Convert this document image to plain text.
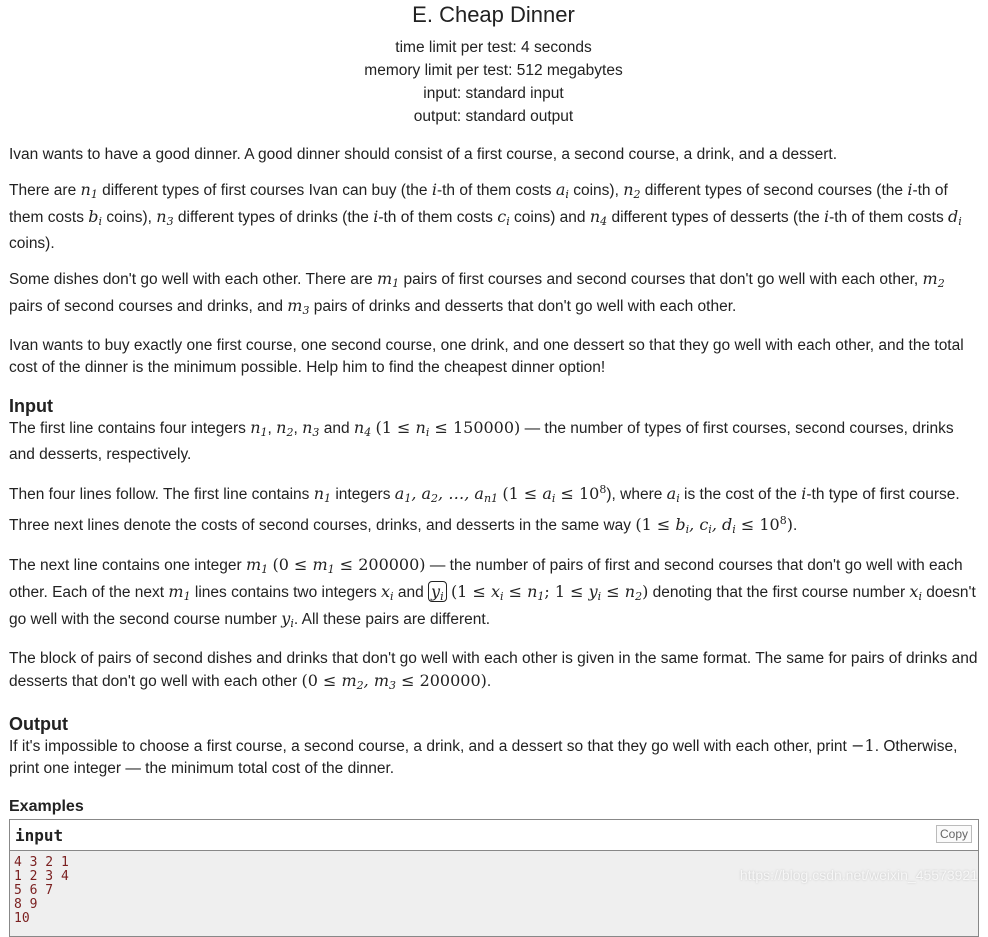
E. Cheap Dinner
time limit per test: 4 seconds
memory limit per test: 512 megabytes
input: standard input
output: standard output

Ivan wants to have a good dinner. A good dinner should consist of a first course, a second course, a drink, and a dessert.

There are $n_1$ different types of first courses Ivan can buy (the i-th of them costs $a_i$ coins), $n_2$ different types of second courses (the i-th of them costs $b_i$ coins), $n_3$ different types of drinks (the i-th of them costs $c_i$ coins) and $n_4$ different types of desserts (the i-th of them costs $d_i$ coins).

Some dishes don't go well with each other. There are $m_1$ pairs of first courses and second courses that don't go well with each other, $m_2$ pairs of second courses and drinks, and $m_3$ pairs of drinks and desserts that don't go well with each other.

Ivan wants to buy exactly one first course, one second course, one drink, and one dessert so that they go well with each other, and the total cost of the dinner is the minimum possible. Help him to find the cheapest dinner option!

Input

The first line contains four integers $n_1$, $n_2$, $n_3$ and $n_4$ $(1 \le n_i \le 150000)$ — the number of types of first courses, second courses, drinks and desserts, respectively.

Then four lines follow. The first line contains $n_1$ integers $a_1$, $a_2$, …, $a_{n1}$ $(1 \le a_i \le 10^8)$, where $a_i$ is the cost of the i-th type of first course. Three next lines denote the costs of second courses, drinks, and desserts in the same way ($1 \le b_i$, $c_i$, $d_i \le 10^8$).

The next line contains one integer $m_1$ $(0 \le m_1 \le 200000)$ — the number of pairs of first and second courses that don't go well with each other. Each of the next $m_1$ lines contains two integers $x_i$ and $y_i$ ($1 \le x_i \le n_1$; $1 \le y_i \le n_2$) denoting that the first course number $x_i$ doesn't go well with the second course number $y_i$. All these pairs are different.

The block of pairs of second dishes and drinks that don't go well with each other is given in the same format. The same for pairs of drinks and desserts that don't go well with each other ($0 \le m_2$, $m_3 \le 200000$).

Output

If it's impossible to choose a first course, a second course, a drink, and a dessert so that they go well with each other, print −1. Otherwise, print one integer — the minimum total cost of the dinner.

Examples
input	Copy
4 3 2 1
1 2 3 4
5 6 7
8 9
10
https://blog.csdn.net/weixin_45573921
